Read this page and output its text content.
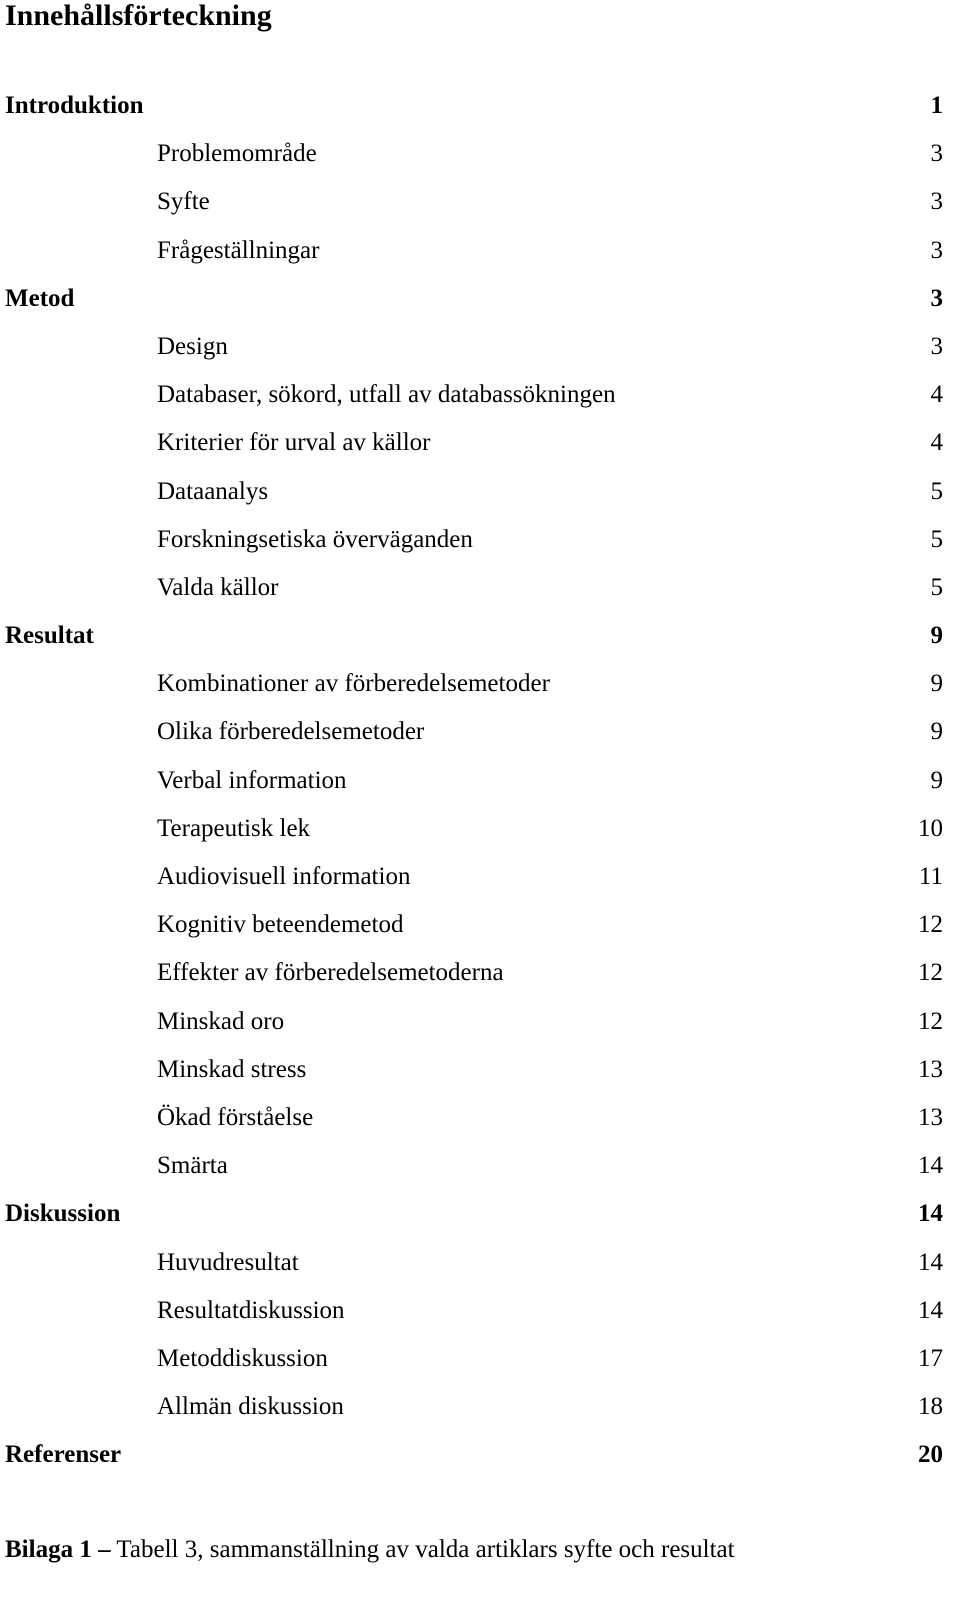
Innehållsförteckning
Introduktion	1
Problemområde	3
Syfte	3
Frågeställningar	3
Metod	3
Design	3
Databaser, sökord, utfall av databassökningen	4
Kriterier för urval av källor	4
Dataanalys	5
Forskningsetiska överväganden	5
Valda källor	5
Resultat	9
Kombinationer av förberedelsemetoder	9
Olika förberedelsemetoder	9
Verbal information	9
Terapeutisk lek	10
Audiovisuell information	11
Kognitiv beteendemetod	12
Effekter av förberedelsemetoderna	12
Minskad oro	12
Minskad stress	13
Ökad förståelse	13
Smärta	14
Diskussion	14
Huvudresultat	14
Resultatdiskussion	14
Metoddiskussion	17
Allmän diskussion	18
Referenser	20
Bilaga 1 – Tabell 3, sammanställning av valda artiklars syfte och resultat
